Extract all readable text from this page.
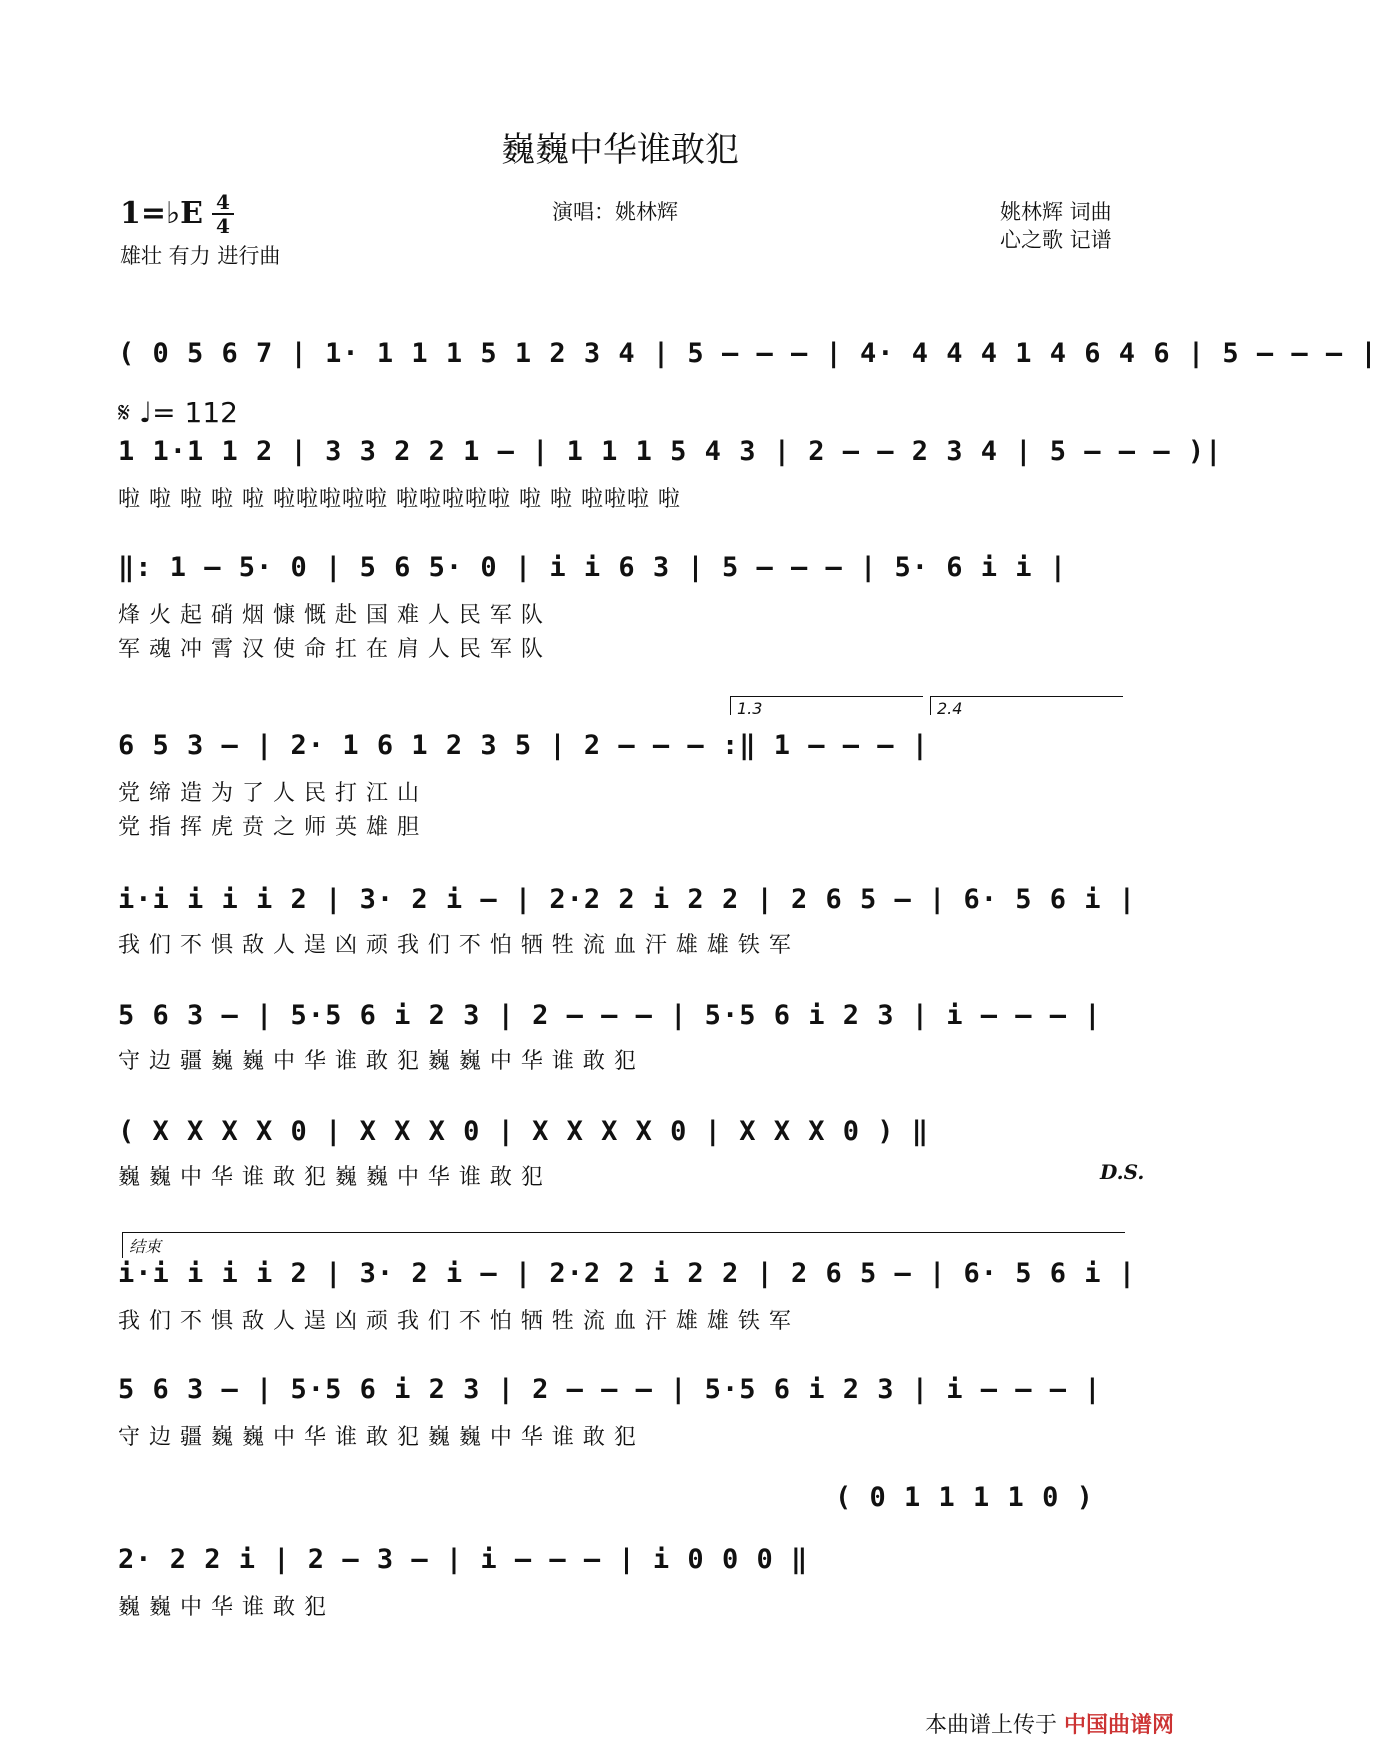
巍巍中华谁敢犯
1=♭E 4
4
雄壮 有力 进行曲
演唱：姚林辉	姚林辉 词曲
心之歌 记谱
( 0 5 6 7 | 1· 1 1 1 5 1 2 3 4 | 5 – – – | 4· 4 4 4 1 4 6 4 6 | 5 – – – |
𝄋 ♩= 112
1 1·1 1 2 | 3 3 2 2 1 – | 1 1 1 5 4 3 | 2 – – 2 3 4 | 5 – – – )|
啦 啦 啦 啦 啦 啦啦啦啦啦 啦啦啦啦啦 啦 啦 啦啦啦 啦
‖: 1 – 5· 0 | 5 6 5· 0 | i i 6 3 | 5 – – – | 5· 6 i i |
烽 火 起 硝 烟 慷 慨 赴 国 难 人 民 军 队
军 魂 冲 霄 汉 使 命 扛 在 肩 人 民 军 队
1.3	2.4
6 5 3 – | 2· 1 6 1 2 3 5 | 2 – – – :‖ 1 – – – |
党 缔 造 为 了 人 民 打 江 山
党 指 挥 虎 贲 之 师 英 雄 胆
i·i i i i 2 | 3· 2 i – | 2·2 2 i 2 2 | 2 6 5 – | 6· 5 6 i |
我 们 不 惧 敌 人 逞 凶 顽 我 们 不 怕 牺 牲 流 血 汗 雄 雄 铁 军
5 6 3 – | 5·5 6 i 2 3 | 2 – – – | 5·5 6 i 2 3 | i – – – |
守 边 疆 巍 巍 中 华 谁 敢 犯 巍 巍 中 华 谁 敢 犯
( X X X X 0 | X X X 0 | X X X X 0 | X X X 0 ) ‖
巍 巍 中 华 谁 敢 犯 巍 巍 中 华 谁 敢 犯	D.S.
结束
i·i i i i 2 | 3· 2 i – | 2·2 2 i 2 2 | 2 6 5 – | 6· 5 6 i |
我 们 不 惧 敌 人 逞 凶 顽 我 们 不 怕 牺 牲 流 血 汗 雄 雄 铁 军
5 6 3 – | 5·5 6 i 2 3 | 2 – – – | 5·5 6 i 2 3 | i – – – |
守 边 疆 巍 巍 中 华 谁 敢 犯 巍 巍 中 华 谁 敢 犯
( 0 1 1 1 1 0 )
2· 2 2 i | 2 – 3 – | i – – – | i 0 0 0 ‖
巍 巍 中 华 谁 敢 犯
本曲谱上传于 中国曲谱网
